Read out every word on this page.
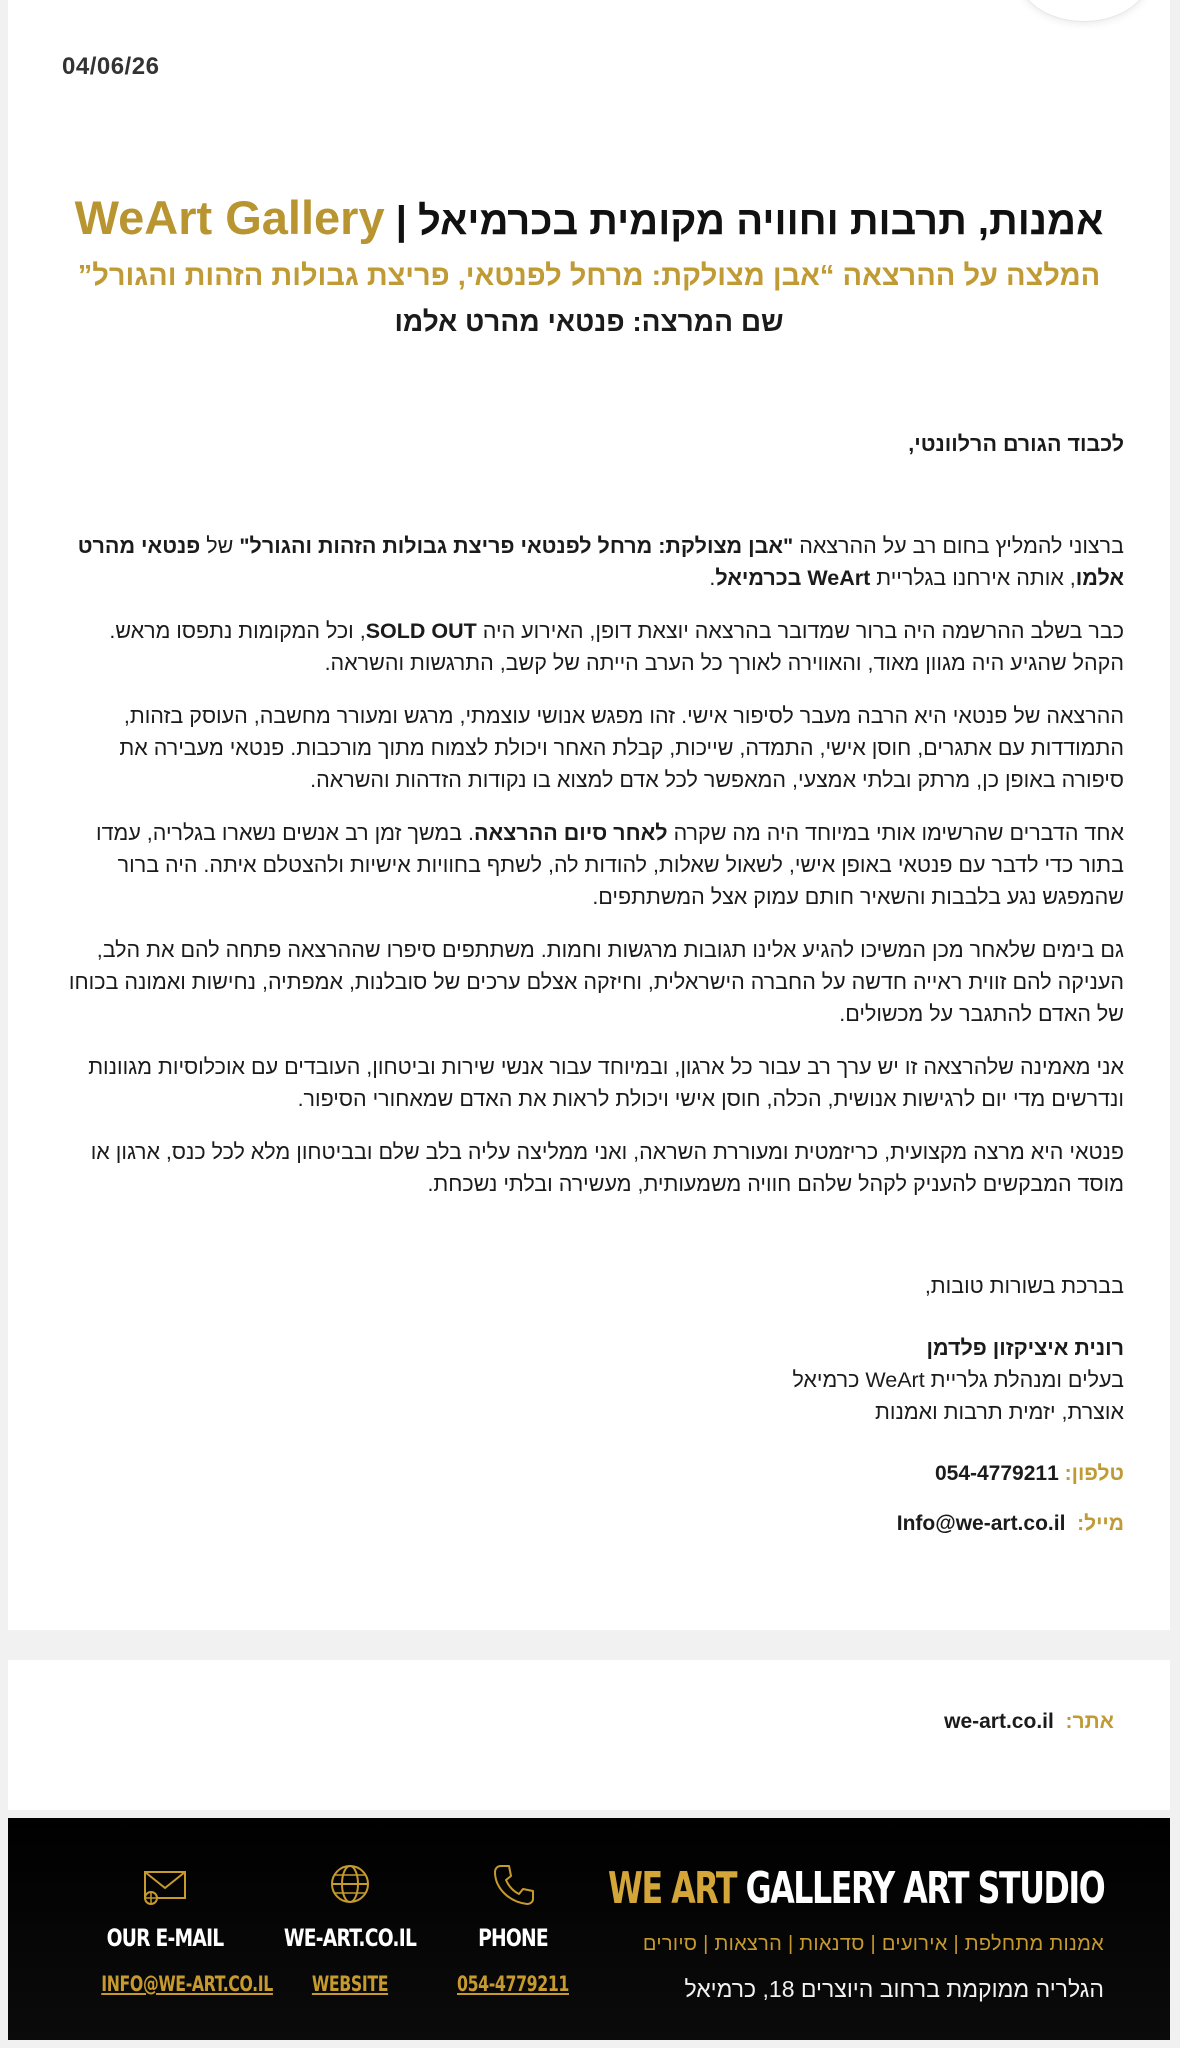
04/06/26
אמנות, תרבות וחוויה מקומית בכרמיאל | WeArt Gallery
המלצה על ההרצאה “אבן מצולקת: מרחל לפנטאי, פריצת גבולות הזהות והגורל”
שם המרצה: פנטאי מהרט אלמו

לכבוד הגורם הרלוונטי,

ברצוני להמליץ בחום רב על ההרצאה "אבן מצולקת: מרחל לפנטאי פריצת גבולות הזהות והגורל" של פנטאי מהרט אלמו, אותה אירחנו בגלריית WeArt בכרמיאל.

כבר בשלב ההרשמה היה ברור שמדובר בהרצאה יוצאת דופן, האירוע היה SOLD OUT, וכל המקומות נתפסו מראש. הקהל שהגיע היה מגוון מאוד, והאווירה לאורך כל הערב הייתה של קשב, התרגשות והשראה.

ההרצאה של פנטאי היא הרבה מעבר לסיפור אישי. זהו מפגש אנושי עוצמתי, מרגש ומעורר מחשבה, העוסק בזהות, התמודדות עם אתגרים, חוסן אישי, התמדה, שייכות, קבלת האחר ויכולת לצמוח מתוך מורכבות. פנטאי מעבירה את סיפורה באופן כן, מרתק ובלתי אמצעי, המאפשר לכל אדם למצוא בו נקודות הזדהות והשראה.

אחד הדברים שהרשימו אותי במיוחד היה מה שקרה לאחר סיום ההרצאה. במשך זמן רב אנשים נשארו בגלריה, עמדו בתור כדי לדבר עם פנטאי באופן אישי, לשאול שאלות, להודות לה, לשתף בחוויות אישיות ולהצטלם איתה. היה ברור שהמפגש נגע בלבבות והשאיר חותם עמוק אצל המשתתפים.

גם בימים שלאחר מכן המשיכו להגיע אלינו תגובות מרגשות וחמות. משתתפים סיפרו שההרצאה פתחה להם את הלב, העניקה להם זווית ראייה חדשה על החברה הישראלית, וחיזקה אצלם ערכים של סובלנות, אמפתיה, נחישות ואמונה בכוחו של האדם להתגבר על מכשולים.

אני מאמינה שלהרצאה זו יש ערך רב עבור כל ארגון, ובמיוחד עבור אנשי שירות וביטחון, העובדים עם אוכלוסיות מגוונות ונדרשים מדי יום לרגישות אנושית, הכלה, חוסן אישי ויכולת לראות את האדם שמאחורי הסיפור.

פנטאי היא מרצה מקצועית, כריזמטית ומעוררת השראה, ואני ממליצה עליה בלב שלם ובביטחון מלא לכל כנס, ארגון או מוסד המבקשים להעניק לקהל שלהם חוויה משמעותית, מעשירה ובלתי נשכחת.

בברכת בשורות טובות,

רונית איציקזון פלדמן

בעלים ומנהלת גלריית WeArt כרמיאל

אוצרת, יזמית תרבות ואמנות

טלפון: 054-4779211

מייל:  Info@we-art.co.il

אתר:  we-art.co.il
OUR E-MAIL
INFO@WE-ART.CO.IL
WE-ART.CO.IL
WEBSITE
PHONE
054-4779211
WE ART GALLERY ART STUDIO
אמנות מתחלפת | אירועים | סדנאות | הרצאות | סיורים
הגלריה ממוקמת ברחוב היוצרים 18, כרמיאל
